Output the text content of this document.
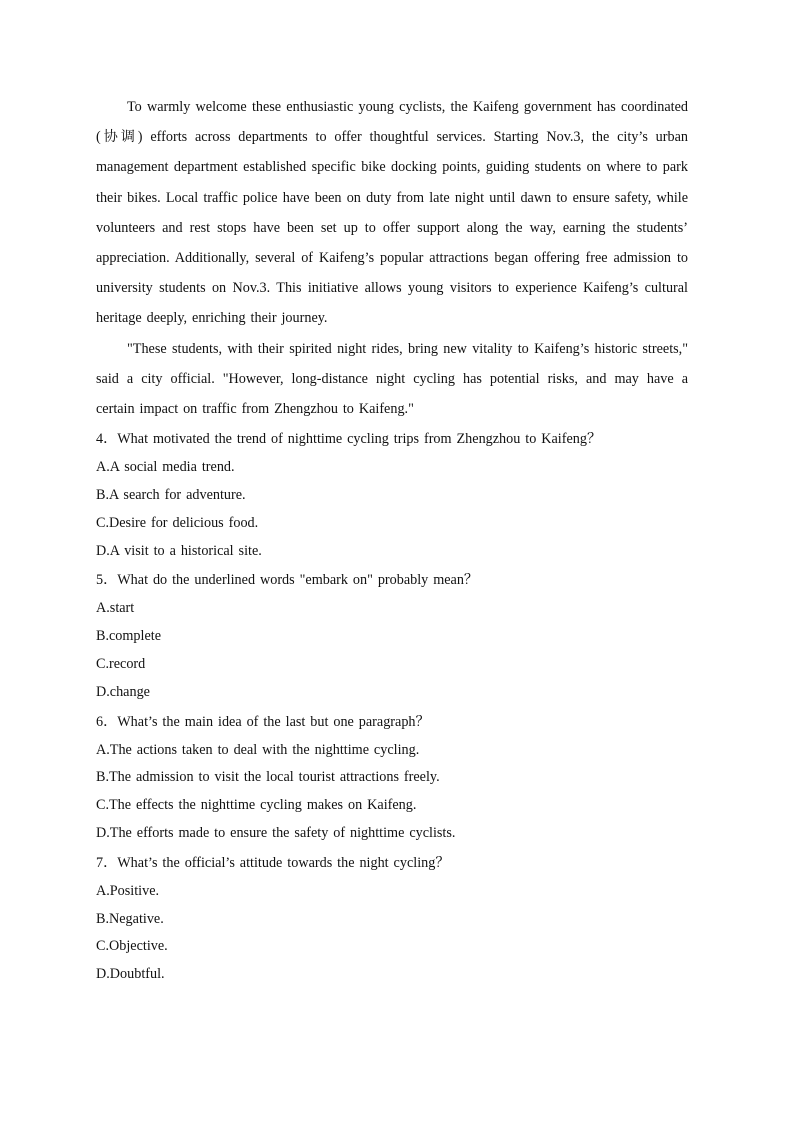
To warmly welcome these enthusiastic young cyclists, the Kaifeng government has coordinated (协调) efforts across departments to offer thoughtful services. Starting Nov.3, the city’s urban management department established specific bike docking points, guiding students on where to park their bikes. Local traffic police have been on duty from late night until dawn to ensure safety, while volunteers and rest stops have been set up to offer support along the way, earning the students’ appreciation. Additionally, several of Kaifeng’s popular attractions began offering free admission to university students on Nov.3. This initiative allows young visitors to experience Kaifeng’s cultural heritage deeply, enriching their journey.

"These students, with their spirited night rides, bring new vitality to Kaifeng’s historic streets," said a city official. "However, long-distance night cycling has potential risks, and may have a certain impact on traffic from Zhengzhou to Kaifeng."

4．What motivated the trend of nighttime cycling trips from Zhengzhou to Kaifeng？

A.A social media trend.

B.A search for adventure.

C.Desire for delicious food.

D.A visit to a historical site.

5．What do the underlined words "embark on" probably mean？

A.start

B.complete

C.record

D.change

6．What’s the main idea of the last but one paragraph？

A.The actions taken to deal with the nighttime cycling.

B.The admission to visit the local tourist attractions freely.

C.The effects the nighttime cycling makes on Kaifeng.

D.The efforts made to ensure the safety of nighttime cyclists.

7．What’s the official’s attitude towards the night cycling？

A.Positive.

B.Negative.

C.Objective.

D.Doubtful.
